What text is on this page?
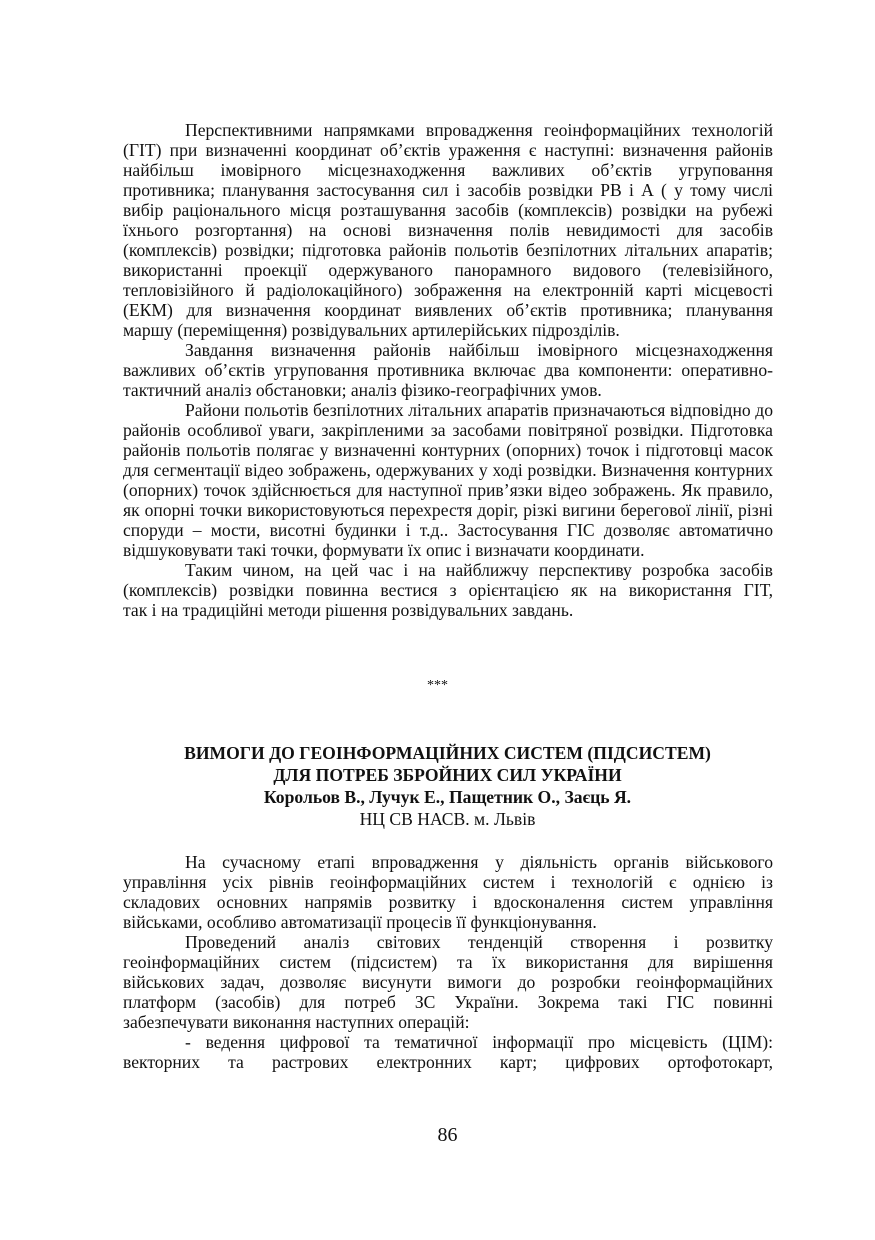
Перспективними напрямками впровадження геоінформаційних технологій
(ГІТ) при визначенні координат об’єктів ураження є наступні: визначення районів
найбільш імовірного місцезнаходження важливих об’єктів угруповання
противника; планування застосування сил і засобів розвідки РВ і А ( у тому числі
вибір раціонального місця розташування засобів (комплексів) розвідки на рубежі
їхнього розгортання) на основі визначення полів невидимості для засобів
(комплексів) розвідки; підготовка районів польотів безпілотних літальних апаратів;
використанні проекції одержуваного панорамного видового (телевізійного,
тепловізійного й радіолокаційного) зображення на електронній карті місцевості
(ЕКМ) для визначення координат виявлених об’єктів противника; планування
маршу (переміщення) розвідувальних артилерійських підрозділів.
Завдання визначення районів найбільш імовірного місцезнаходження
важливих об’єктів угруповання противника включає два компоненти: оперативно-
тактичний аналіз обстановки; аналіз фізико-географічних умов.
Райони польотів безпілотних літальних апаратів призначаються відповідно до
районів особливої уваги, закріпленими за засобами повітряної розвідки. Підготовка
районів польотів полягає у визначенні контурних (опорних) точок і підготовці масок
для сегментації відео зображень, одержуваних у ході розвідки. Визначення контурних
(опорних) точок здійснюється для наступної прив’язки відео зображень. Як правило,
як опорні точки використовуються перехрестя доріг, різкі вигини берегової лінії, різні
споруди – мости, висотні будинки і т.д.. Застосування ГІС дозволяє автоматично
відшуковувати такі точки, формувати їх опис і визначати координати.
Таким чином, на цей час і на найближчу перспективу розробка засобів
(комплексів) розвідки повинна вестися з орієнтацією як на використання ГІТ,
так і на традиційні методи рішення розвідувальних завдань.
***
ВИМОГИ ДО ГЕОІНФОРМАЦІЙНИХ СИСТЕМ (ПІДСИСТЕМ)
ДЛЯ ПОТРЕБ ЗБРОЙНИХ СИЛ УКРАЇНИ
Корольов В., Лучук Е., Пащетник О., Заєць Я.
НЦ СВ НАСВ. м. Львів
На сучасному етапі впровадження у діяльність органів військового
управління усіх рівнів геоінформаційних систем і технологій є однією із
складових основних напрямів розвитку і вдосконалення систем управління
військами, особливо автоматизації процесів її функціонування.
Проведений аналіз світових тенденцій створення і розвитку
геоінформаційних систем (підсистем) та їх використання для вирішення
військових задач, дозволяє висунути вимоги до розробки геоінформаційних
платформ (засобів) для потреб ЗС України. Зокрема такі ГІС повинні
забезпечувати виконання наступних операцій:
- ведення цифрової та тематичної інформації про місцевість (ЦІМ):
векторних та растрових електронних карт; цифрових ортофотокарт,
86
